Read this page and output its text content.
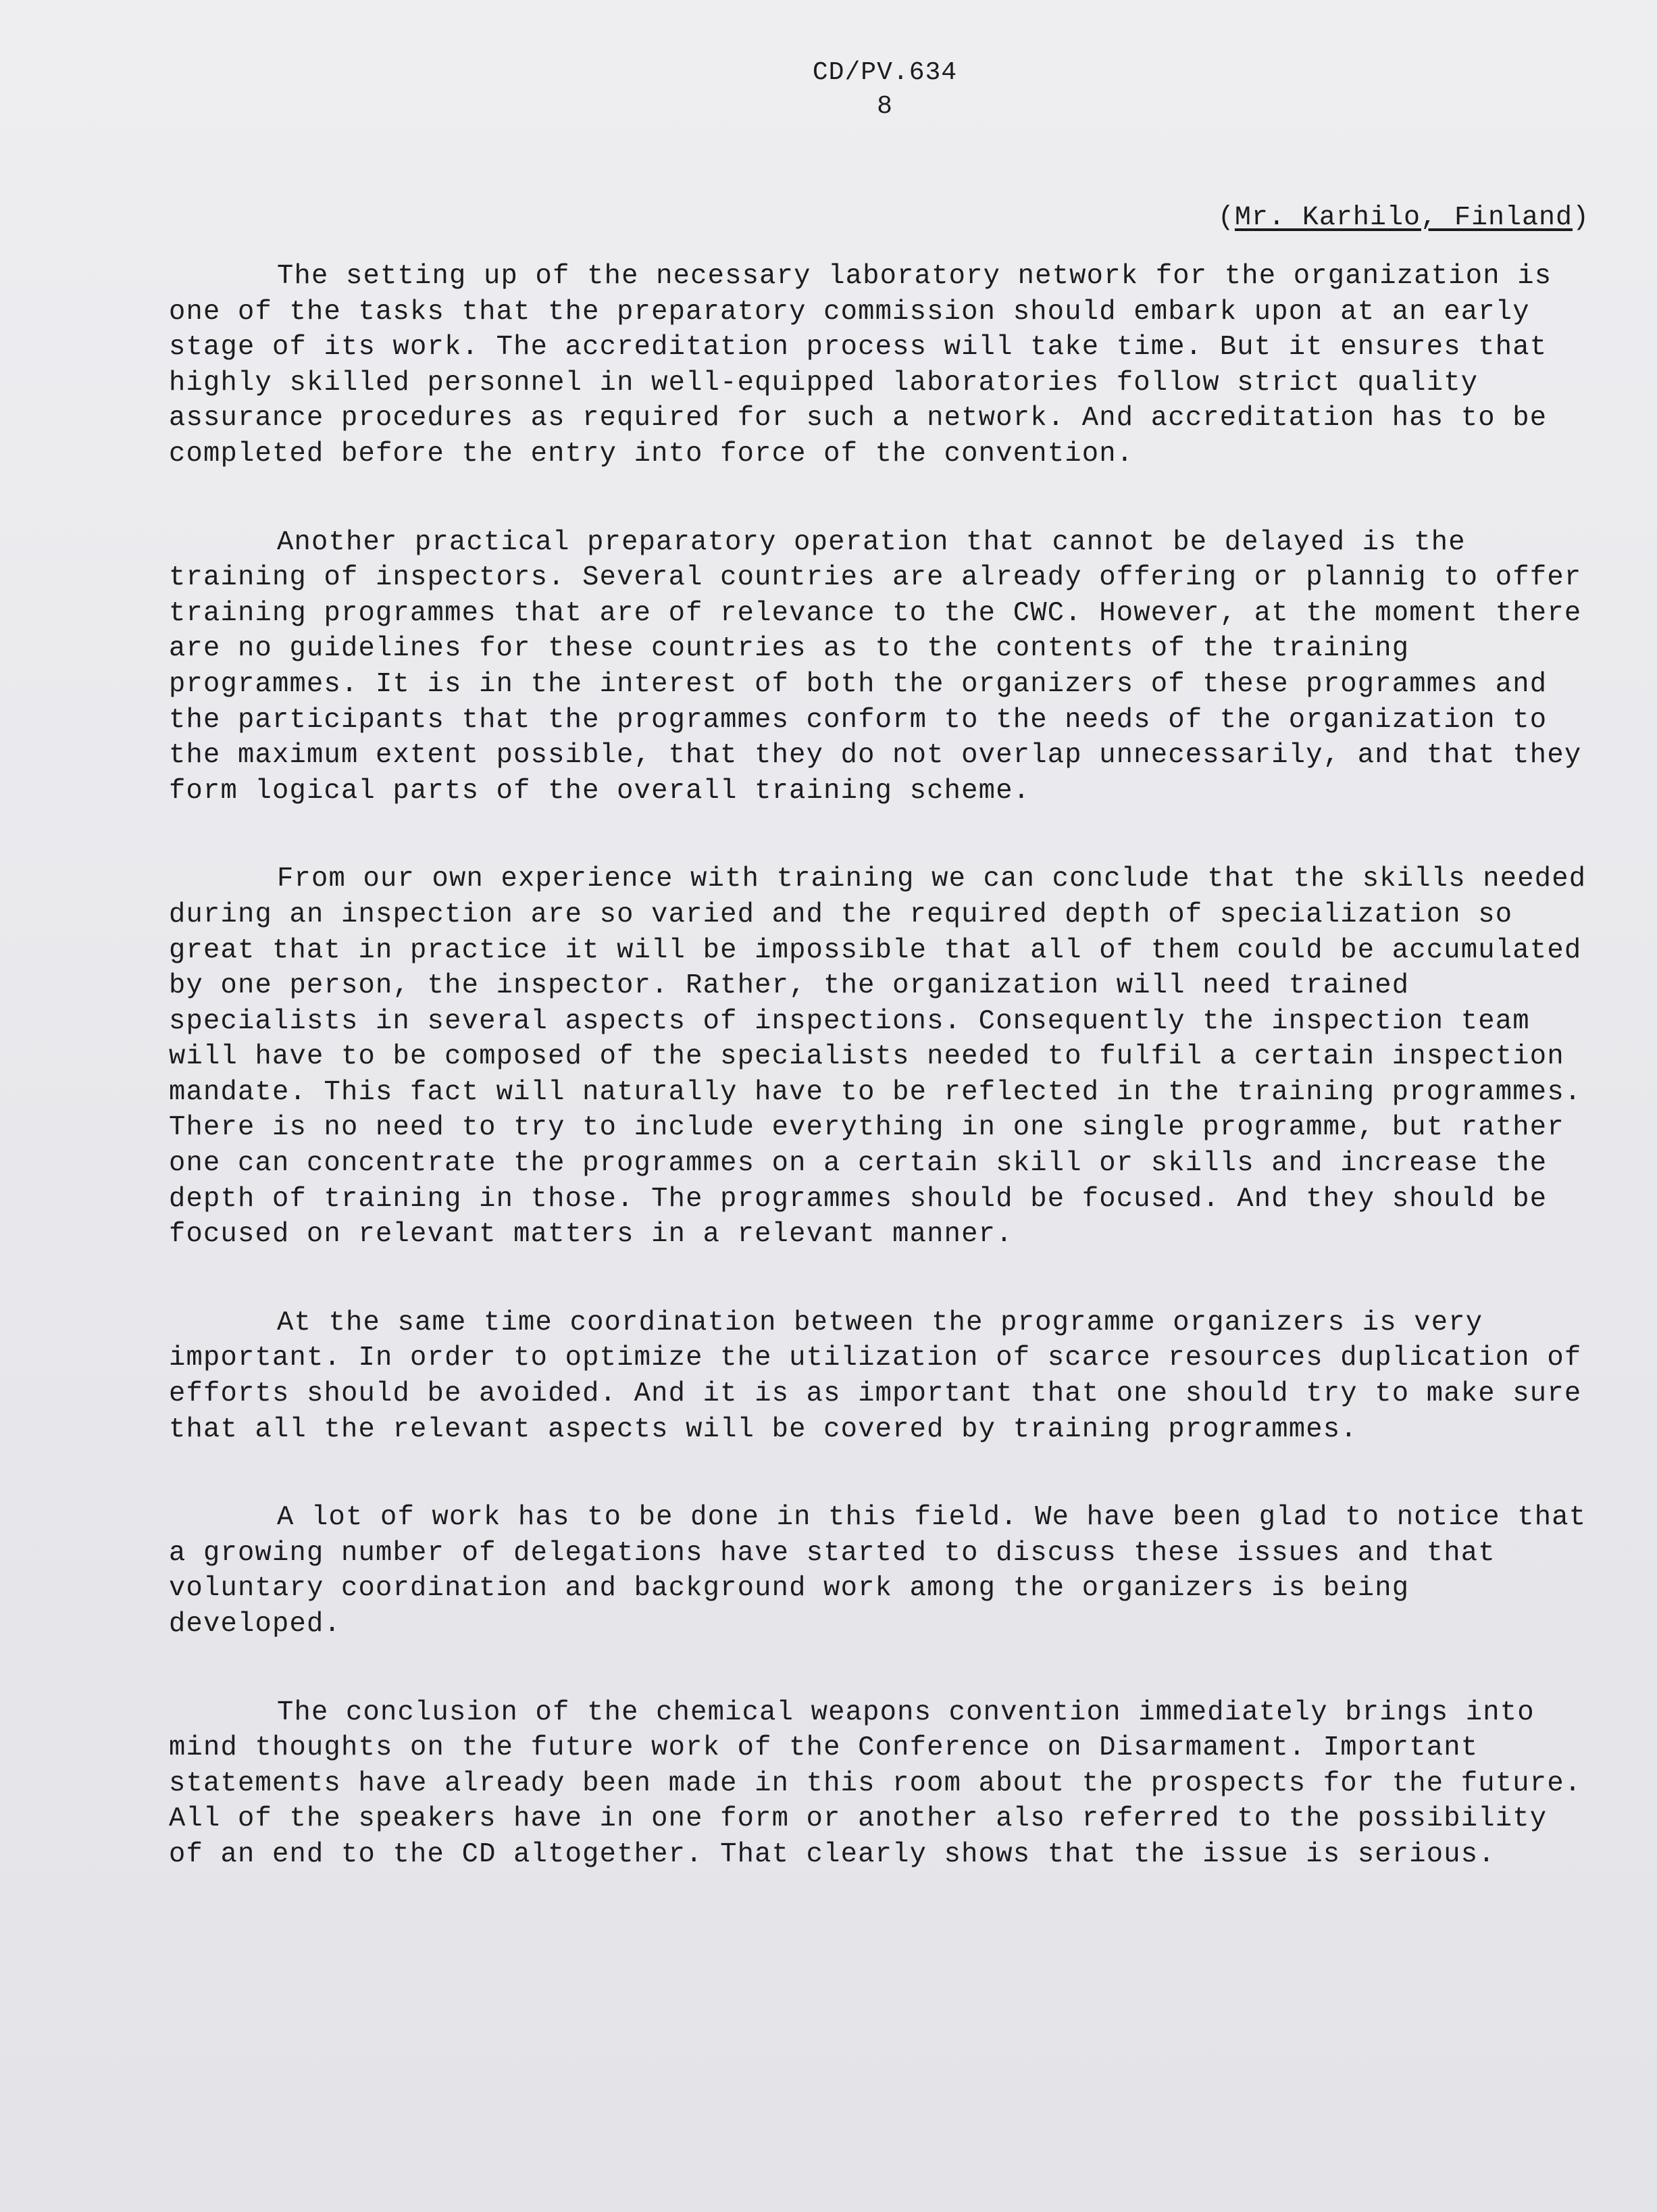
CD/PV.634
8
(Mr. Karhilo, Finland)

The setting up of the necessary laboratory network for the organization is one of the tasks that the preparatory commission should embark upon at an early stage of its work. The accreditation process will take time. But it ensures that highly skilled personnel in well-equipped laboratories follow strict quality assurance procedures as required for such a network. And accreditation has to be completed before the entry into force of the convention.

Another practical preparatory operation that cannot be delayed is the training of inspectors. Several countries are already offering or plannig to offer training programmes that are of relevance to the CWC. However, at the moment there are no guidelines for these countries as to the contents of the training programmes. It is in the interest of both the organizers of these programmes and the participants that the programmes conform to the needs of the organization to the maximum extent possible, that they do not overlap unnecessarily, and that they form logical parts of the overall training scheme.

From our own experience with training we can conclude that the skills needed during an inspection are so varied and the required depth of specialization so great that in practice it will be impossible that all of them could be accumulated by one person, the inspector. Rather, the organization will need trained specialists in several aspects of inspections. Consequently the inspection team will have to be composed of the specialists needed to fulfil a certain inspection mandate. This fact will naturally have to be reflected in the training programmes. There is no need to try to include everything in one single programme, but rather one can concentrate the programmes on a certain skill or skills and increase the depth of training in those. The programmes should be focused. And they should be focused on relevant matters in a relevant manner.

At the same time coordination between the programme organizers is very important. In order to optimize the utilization of scarce resources duplication of efforts should be avoided. And it is as important that one should try to make sure that all the relevant aspects will be covered by training programmes.

A lot of work has to be done in this field. We have been glad to notice that a growing number of delegations have started to discuss these issues and that voluntary coordination and background work among the organizers is being developed.

The conclusion of the chemical weapons convention immediately brings into mind thoughts on the future work of the Conference on Disarmament. Important statements have already been made in this room about the prospects for the future. All of the speakers have in one form or another also referred to the possibility of an end to the CD altogether. That clearly shows that the issue is serious.
